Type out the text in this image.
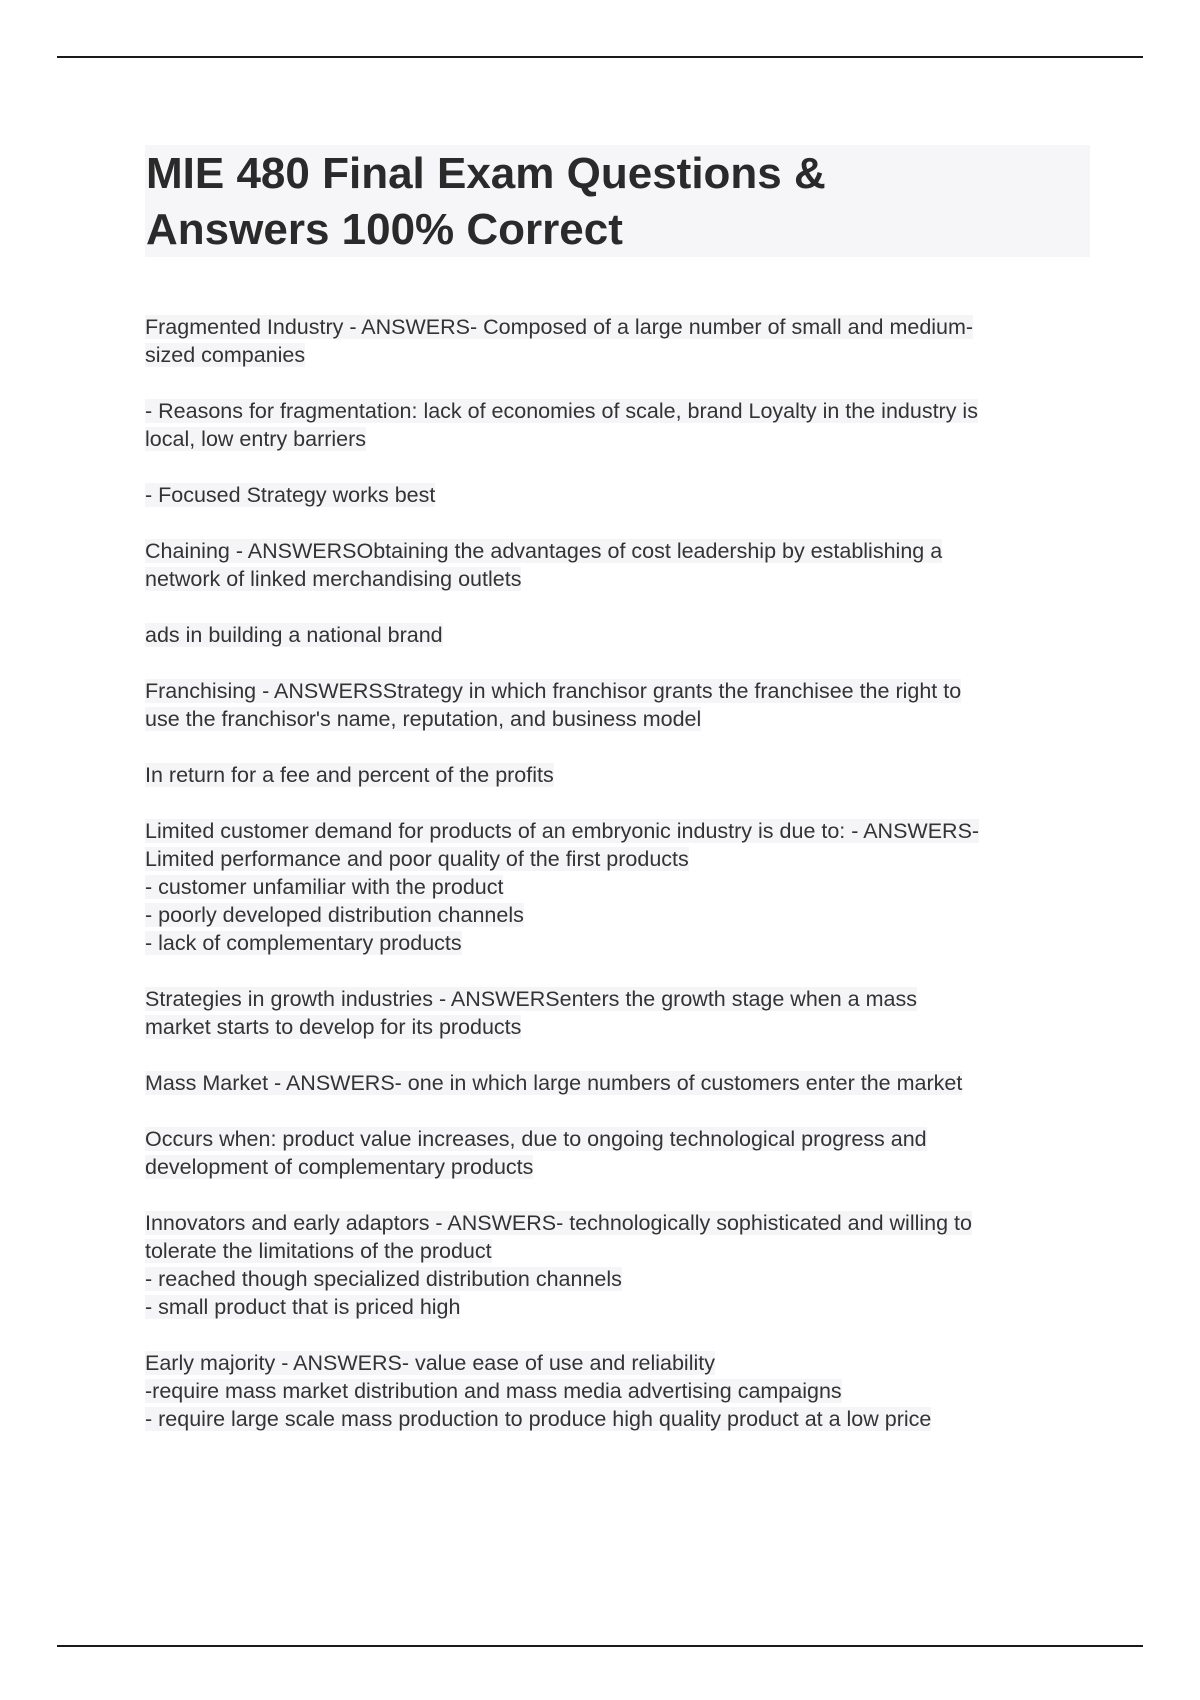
MIE 480 Final Exam Questions &
Answers 100% Correct

Fragmented Industry - ANSWERS- Composed of a large number of small and medium-
sized companies

- Reasons for fragmentation: lack of economies of scale, brand Loyalty in the industry is
local, low entry barriers

- Focused Strategy works best

Chaining - ANSWERSObtaining the advantages of cost leadership by establishing a
network of linked merchandising outlets

ads in building a national brand

Franchising - ANSWERSStrategy in which franchisor grants the franchisee the right to
use the franchisor's name, reputation, and business model

In return for a fee and percent of the profits

Limited customer demand for products of an embryonic industry is due to: - ANSWERS-
Limited performance and poor quality of the first products
- customer unfamiliar with the product
- poorly developed distribution channels
- lack of complementary products

Strategies in growth industries - ANSWERSenters the growth stage when a mass
market starts to develop for its products

Mass Market - ANSWERS- one in which large numbers of customers enter the market

Occurs when: product value increases, due to ongoing technological progress and
development of complementary products

Innovators and early adaptors - ANSWERS- technologically sophisticated and willing to
tolerate the limitations of the product
- reached though specialized distribution channels
- small product that is priced high

Early majority - ANSWERS- value ease of use and reliability
-require mass market distribution and mass media advertising campaigns
- require large scale mass production to produce high quality product at a low price
